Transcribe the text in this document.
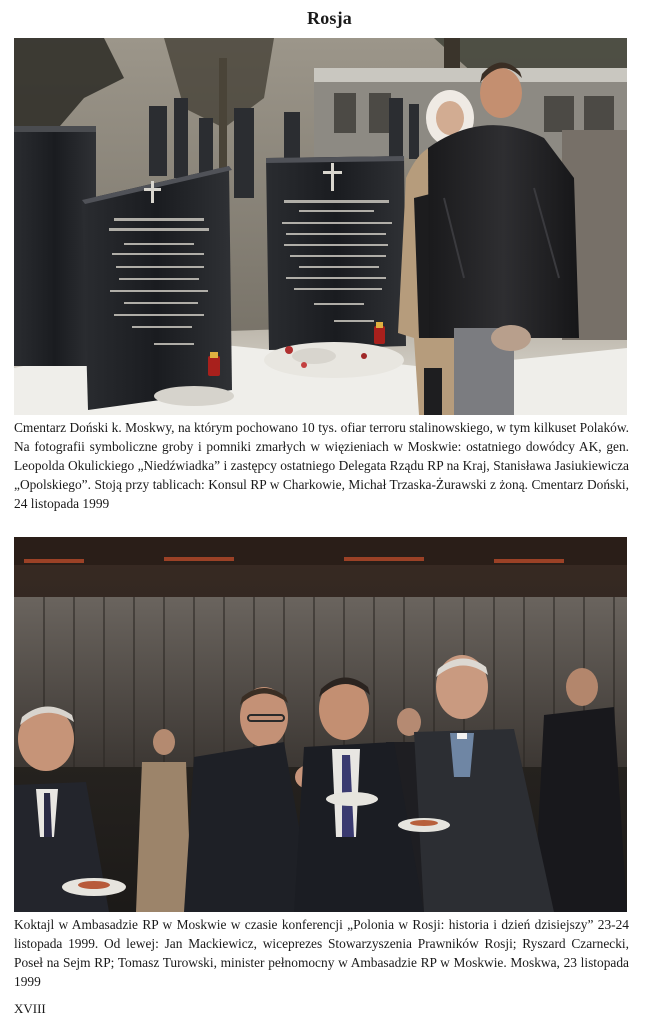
Rosja

Cmentarz Doński k. Moskwy, na którym pochowano 10 tys. ofiar terroru stalinowskiego, w tym kilkuset Polaków. Na fotografii symboliczne groby i pomniki zmarłych w więzieniach w Moskwie: ostatniego dowódcy AK, gen. Leopolda Okulickiego „Niedźwiadka” i zastępcy ostatniego Delegata Rządu RP na Kraj, Stanisława Jasiukiewicza „Opolskiego”. Stoją przy tablicach: Konsul RP w Charkowie, Michał Trzaska-Żurawski z żoną. Cmentarz Doński, 24 listopada 1999

Koktajl w Ambasadzie RP w Moskwie w czasie konferencji „Polonia w Rosji: historia i dzień dzisiejszy” 23-24 listopada 1999. Od lewej: Jan Mackiewicz, wiceprezes Stowarzyszenia Prawników Rosji; Ryszard Czarnecki, Poseł na Sejm RP; Tomasz Turowski, minister pełnomocny w Ambasadzie RP w Moskwie. Moskwa, 23 listopada 1999

XVIII
